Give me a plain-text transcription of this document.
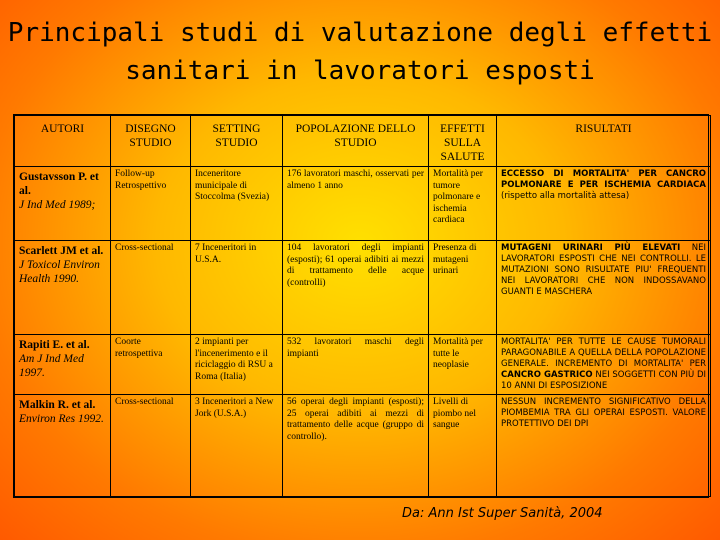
Principali studi di valutazione degli effetti sanitari in lavoratori esposti
AUTORI	DISEGNO STUDIO	SETTING STUDIO	POPOLAZIONE DELLO STUDIO	EFFETTI SULLA SALUTE	RISULTATI

Gustavsson P. et al.
J Ind Med 1989;	Follow-up Retrospettivo	Inceneritore municipale di Stoccolma (Svezia)	176 lavoratori maschi, osservati per almeno 1 anno	Mortalità per tumore polmonare e ischemia cardiaca	ECCESSO DI MORTALITA' PER CANCRO POLMONARE E PER ISCHEMIA CARDIACA (rispetto alla mortalità attesa)

Scarlett JM et al.
J Toxicol Environ Health 1990.	Cross-sectional	7 Inceneritori in U.S.A.	104 lavoratori degli impianti (esposti); 61 operai adibiti ai mezzi di trattamento delle acque (controlli)	Presenza di mutageni urinari	MUTAGENI URINARI PIÙ ELEVATI NEI LAVORATORI ESPOSTI CHE NEI CONTROLLI. LE MUTAZIONI SONO RISULTATE PIU' FREQUENTI NEI LAVORATORI CHE NON INDOSSAVANO GUANTI E MASCHERA

Rapiti E. et al.
Am J Ind Med 1997.	Coorte retrospettiva	2 impianti per l'incenerimento e il riciclaggio di RSU a Roma (Italia)	532 lavoratori maschi degli impianti	Mortalità per tutte le neoplasie	MORTALITA' PER TUTTE LE CAUSE TUMORALI PARAGONABILE A QUELLA DELLA POPOLAZIONE GENERALE. INCREMENTO DI MORTALITA' PER CANCRO GASTRICO NEI SOGGETTI CON PIÙ DI 10 ANNI DI ESPOSIZIONE

Malkin R. et al.
Environ Res 1992.	Cross-sectional	3 Inceneritori a New Jork (U.S.A.)	56 operai degli impianti (esposti); 25 operai adibiti ai mezzi di trattamento delle acque (gruppo di controllo).	Livelli di piombo nel sangue	NESSUN INCREMENTO SIGNIFICATIVO DELLA PIOMBEMIA TRA GLI OPERAI ESPOSTI. VALORE PROTETTIVO DEI DPI
Da: Ann Ist Super Sanità, 2004
